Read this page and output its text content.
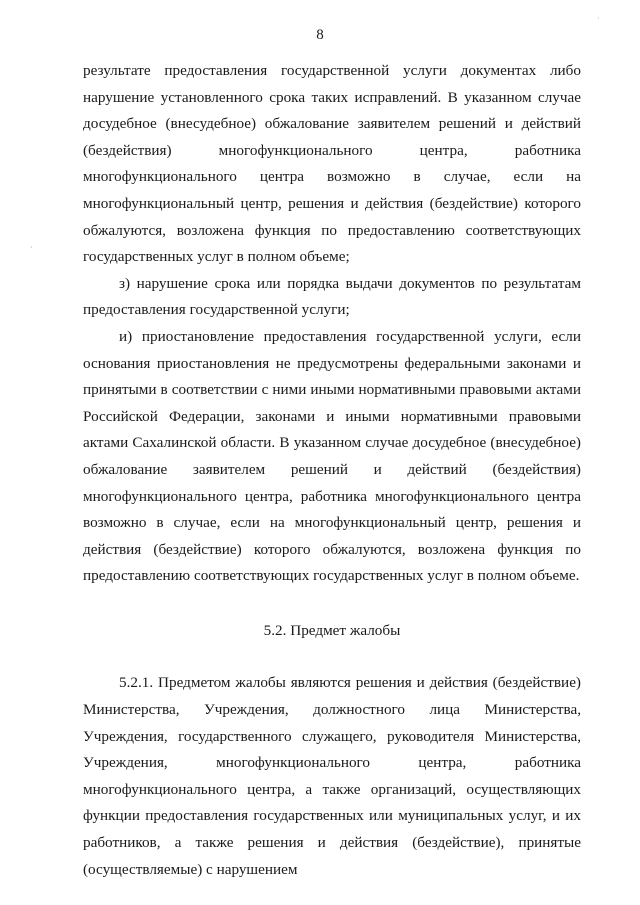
8
·
·

результате предоставления государственной услуги документах либо нарушение установленного срока таких исправлений. В указанном случае досудебное (внесудебное) обжалование заявителем решений и действий (бездействия) многофункционального центра, работника многофункционального центра возможно в случае, если на многофункциональный центр, решения и действия (бездействие) которого обжалуются, возложена функция по предоставлению соответствующих государственных услуг в полном объеме;

з) нарушение срока или порядка выдачи документов по результатам предоставления государственной услуги;

и) приостановление предоставления государственной услуги, если основания приостановления не предусмотрены федеральными законами и принятыми в соответствии с ними иными нормативными правовыми актами Российской Федерации, законами и иными нормативными правовыми актами Сахалинской области. В указанном случае досудебное (внесудебное) обжалование заявителем решений и действий (бездействия) многофункционального центра, работника многофункционального центра возможно в случае, если на многофункциональный центр, решения и действия (бездействие) которого обжалуются, возложена функция по предоставлению соответствующих государственных услуг в полном объеме.

5.2. Предмет жалобы

5.2.1. Предметом жалобы являются решения и действия (бездействие) Министерства, Учреждения, должностного лица Министерства, Учреждения, государственного служащего, руководителя Министерства, Учреждения, многофункционального центра, работника многофункционального центра, а также организаций, осуществляющих функции предоставления государственных или муниципальных услуг, и их работников, а также решения и действия (бездействие), принятые (осуществляемые) с нарушением
